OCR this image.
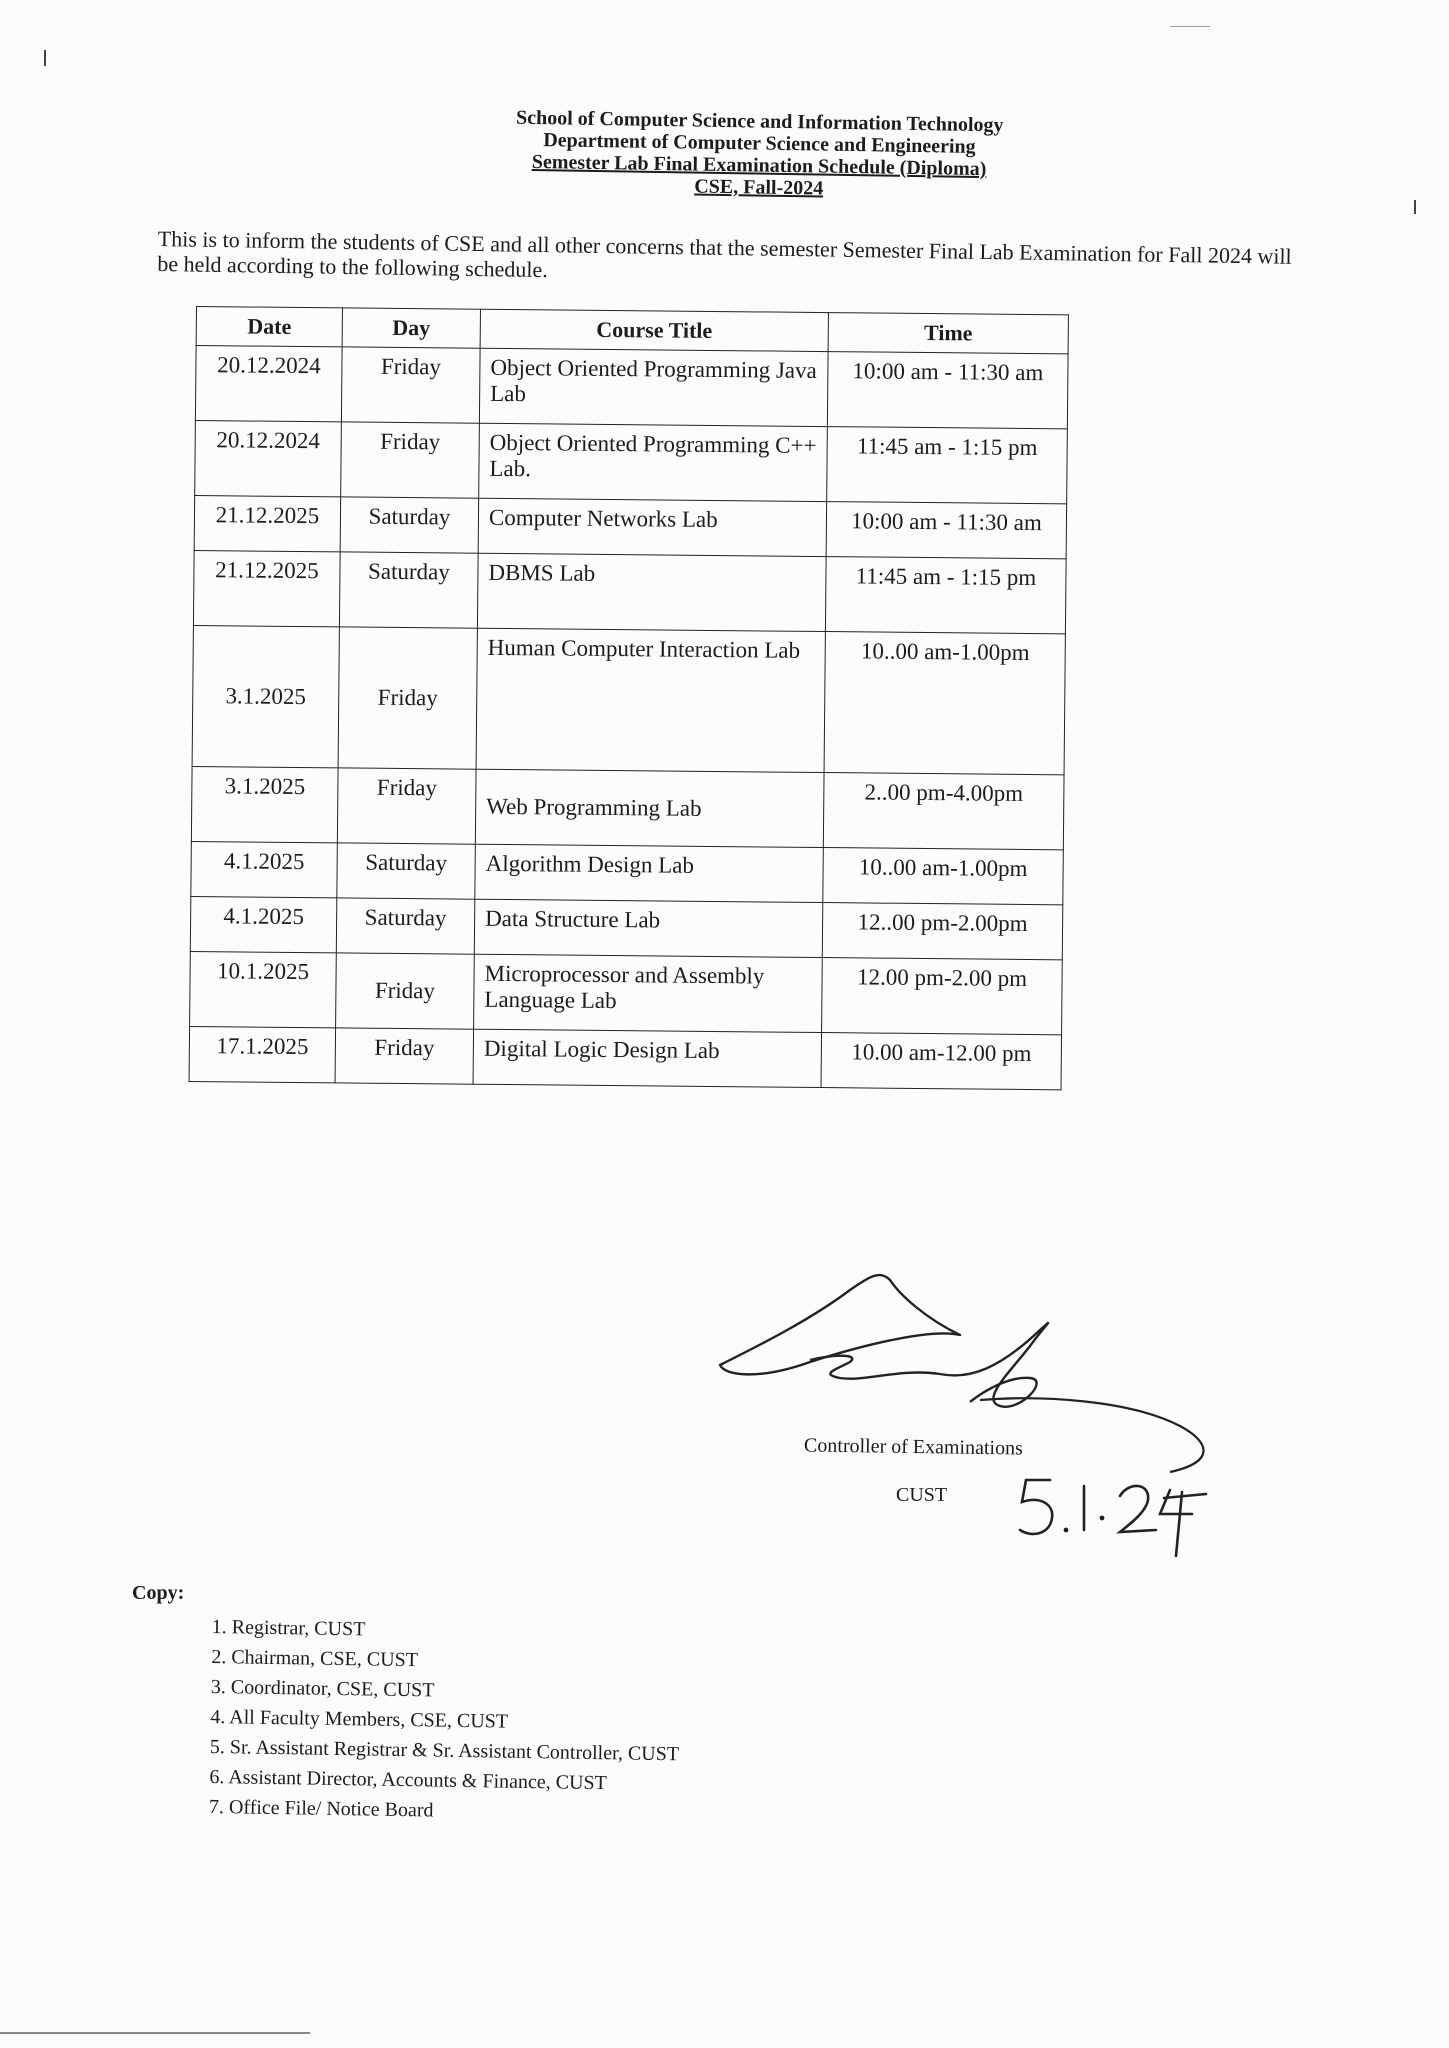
School of Computer Science and Information Technology
Department of Computer Science and Engineering
Semester Lab Final Examination Schedule (Diploma)
CSE, Fall-2024
This is to inform the students of CSE and all other concerns that the semester Semester Final Lab Examination for Fall 2024 will be held according to the following schedule.
Date	Day	Course Title	Time
20.12.2024	Friday	Object Oriented Programming Java Lab	10:00 am - 11:30 am
20.12.2024	Friday	Object Oriented Programming C++ Lab.	11:45 am - 1:15 pm
21.12.2025	Saturday	Computer Networks Lab	10:00 am - 11:30 am
21.12.2025	Saturday	DBMS Lab	11:45 am - 1:15 pm
3.1.2025	Friday	Human Computer Interaction Lab	10..00 am-1.00pm
3.1.2025	Friday	Web Programming Lab	2..00 pm-4.00pm
4.1.2025	Saturday	Algorithm Design Lab	10..00 am-1.00pm
4.1.2025	Saturday	Data Structure Lab	12..00 pm-2.00pm
10.1.2025	Friday	Microprocessor and Assembly Language Lab	12.00 pm-2.00 pm
17.1.2025	Friday	Digital Logic Design Lab	10.00 am-12.00 pm
Controller of Examinations
CUST
Copy:
1. Registrar, CUST
2. Chairman, CSE, CUST
3. Coordinator, CSE, CUST
4. All Faculty Members, CSE, CUST
5. Sr. Assistant Registrar & Sr. Assistant Controller, CUST
6. Assistant Director, Accounts & Finance, CUST
7. Office File/ Notice Board
